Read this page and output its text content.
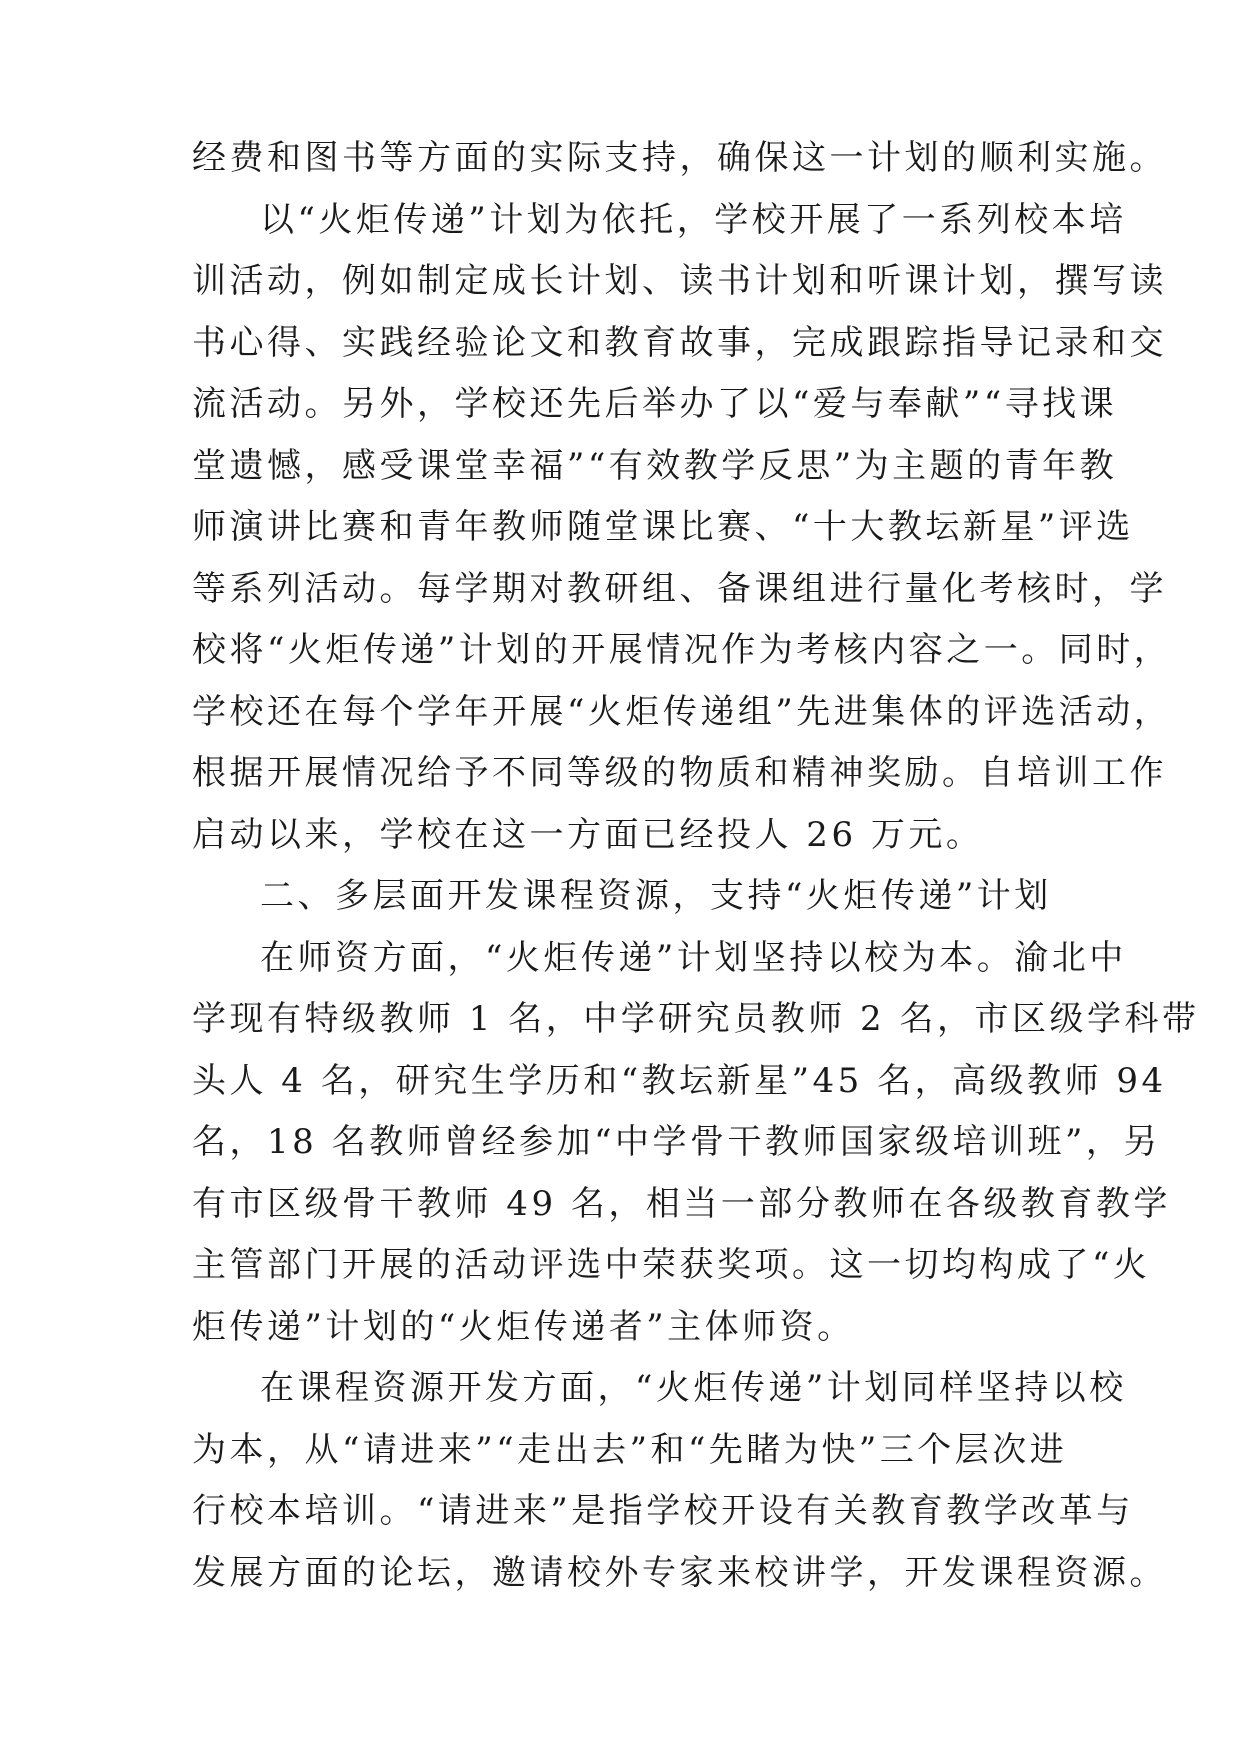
经费和图书等方面的实际支持，确保这一计划的顺利实施。
以“火炬传递”计划为依托，学校开展了一系列校本培
训活动，例如制定成长计划、读书计划和听课计划，撰写读
书心得、实践经验论文和教育故事，完成跟踪指导记录和交
流活动。另外，学校还先后举办了以“爱与奉献”“寻找课
堂遗憾，感受课堂幸福”“有效教学反思”为主题的青年教
师演讲比赛和青年教师随堂课比赛、“十大教坛新星”评选
等系列活动。每学期对教研组、备课组进行量化考核时，学
校将“火炬传递”计划的开展情况作为考核内容之一。同时，
学校还在每个学年开展“火炬传递组”先进集体的评选活动，
根据开展情况给予不同等级的物质和精神奖励。自培训工作
启动以来，学校在这一方面已经投人 26 万元。
二、多层面开发课程资源，支持“火炬传递”计划
在师资方面，“火炬传递”计划坚持以校为本。渝北中
学现有特级教师 1 名，中学研究员教师 2 名，市区级学科带
头人 4 名，研究生学历和“教坛新星”45 名，高级教师 94
名，18 名教师曾经参加“中学骨干教师国家级培训班”，另
有市区级骨干教师 49 名，相当一部分教师在各级教育教学
主管部门开展的活动评选中荣获奖项。这一切均构成了“火
炬传递”计划的“火炬传递者”主体师资。
在课程资源开发方面，“火炬传递”计划同样坚持以校
为本，从“请进来”“走出去”和“先睹为快”三个层次进
行校本培训。“请进来”是指学校开设有关教育教学改革与
发展方面的论坛，邀请校外专家来校讲学，开发课程资源。
